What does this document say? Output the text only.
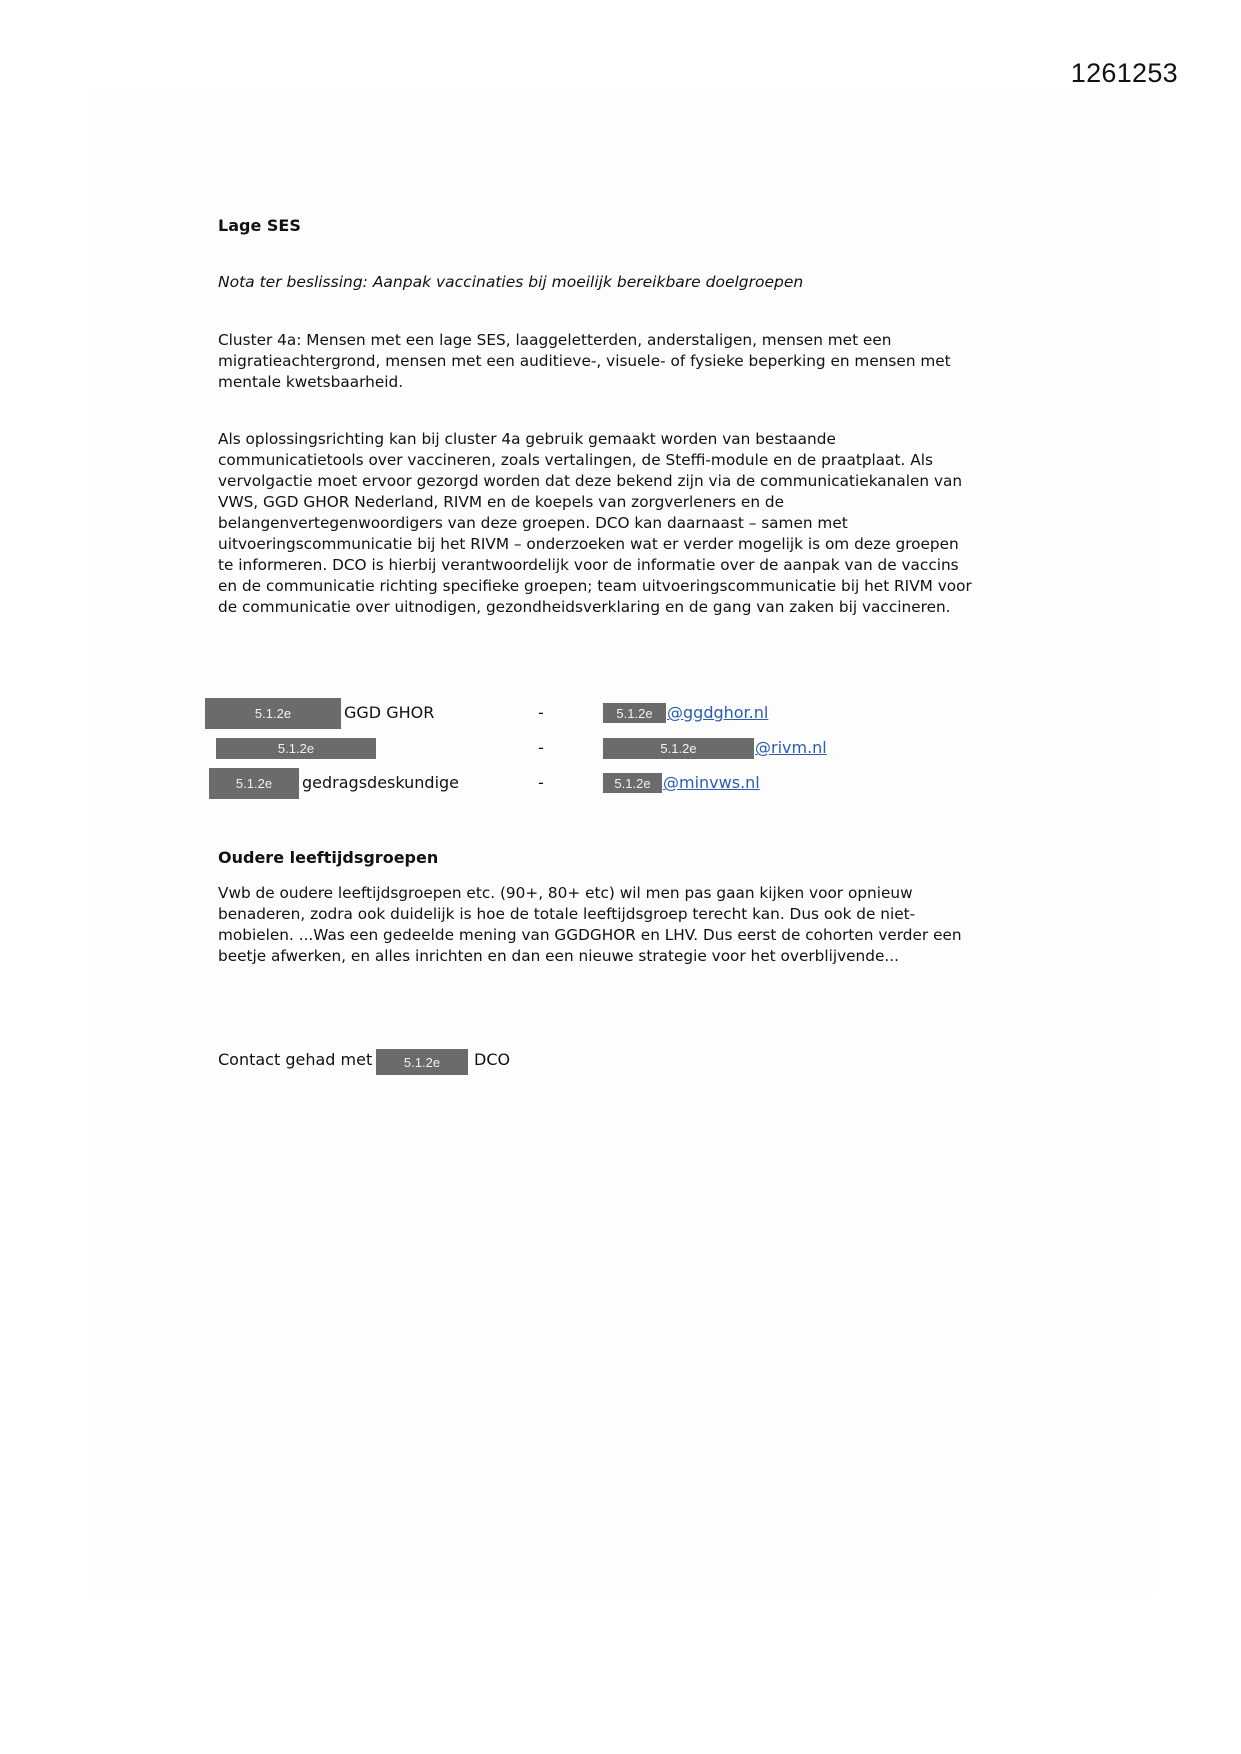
1261253
Lage SES
Nota ter beslissing: Aanpak vaccinaties bij moeilijk bereikbare doelgroepen
Cluster 4a: Mensen met een lage SES, laaggeletterden, anderstaligen, mensen met een
migratieachtergrond, mensen met een auditieve-, visuele- of fysieke beperking en mensen met
mentale kwetsbaarheid.
Als oplossingsrichting kan bij cluster 4a gebruik gemaakt worden van bestaande
communicatietools over vaccineren, zoals vertalingen, de Steffi-module en de praatplaat. Als
vervolgactie moet ervoor gezorgd worden dat deze bekend zijn via de communicatiekanalen van
VWS, GGD GHOR Nederland, RIVM en de koepels van zorgverleners en de
belangenvertegenwoordigers van deze groepen. DCO kan daarnaast – samen met
uitvoeringscommunicatie bij het RIVM – onderzoeken wat er verder mogelijk is om deze groepen
te informeren. DCO is hierbij verantwoordelijk voor de informatie over de aanpak van de vaccins
en de communicatie richting specifieke groepen; team uitvoeringscommunicatie bij het RIVM voor
de communicatie over uitnodigen, gezondheidsverklaring en de gang van zaken bij vaccineren.
5.1.2e	GGD GHOR	-	5.1.2e @ggdghor.nl
5.1.2e	-	5.1.2e	@rivm.nl
5.1.2e	gedragsdeskundige	-	5.1.2e @minvws.nl
Oudere leeftijdsgroepen
Vwb de oudere leeftijdsgroepen etc. (90+, 80+ etc) wil men pas gaan kijken voor opnieuw
benaderen, zodra ook duidelijk is hoe de totale leeftijdsgroep terecht kan. Dus ook de niet-
mobielen. ...Was een gedeelde mening van GGDGHOR en LHV. Dus eerst de cohorten verder een
beetje afwerken, en alles inrichten en dan een nieuwe strategie voor het overblijvende...
Contact gehad met	5.1.2e	DCO
